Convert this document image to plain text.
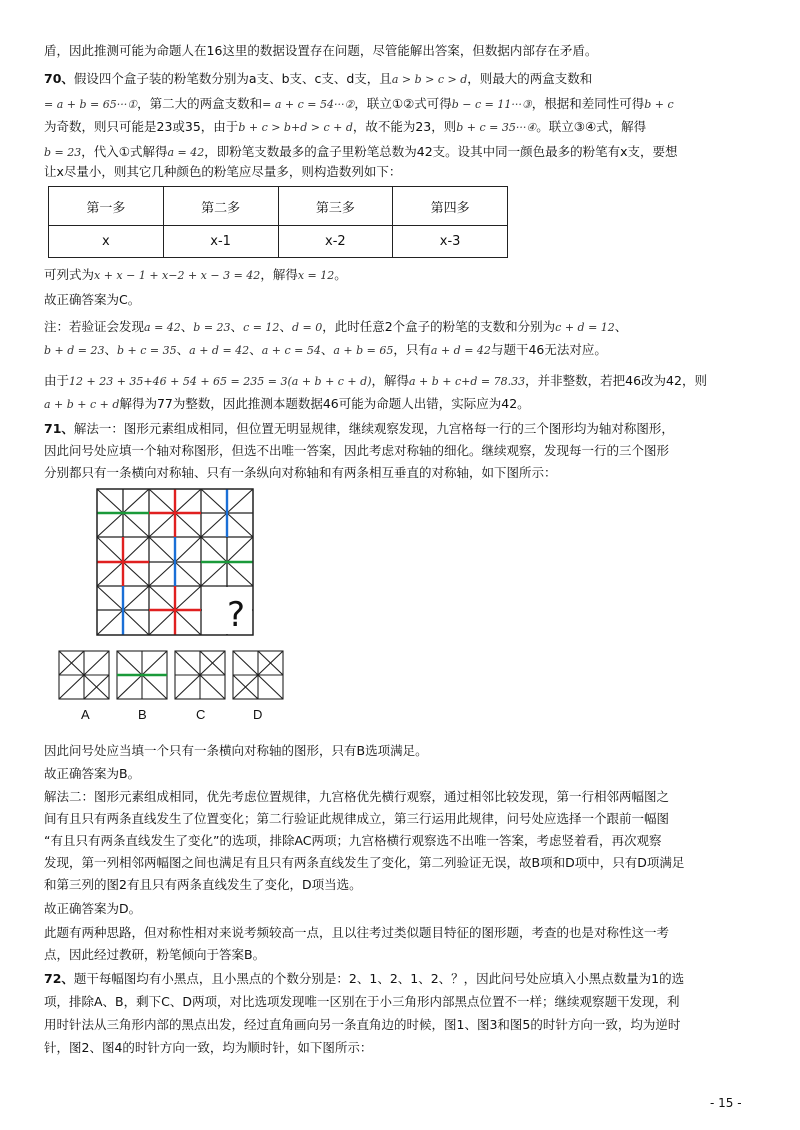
盾，因此推测可能为命题人在16这里的数据设置存在问题，尽管能解出答案，但数据内部存在矛盾。
70、假设四个盒子装的粉笔数分别为a支、b支、c支、d支，且a > b > c > d，则最大的两盒支数和
= a + b = 65···①，第二大的两盒支数和= a + c = 54···②，联立①②式可得b − c = 11···③，根据和差同性可得b + c
为奇数，则只可能是23或35，由于b + c > b+d > c + d，故不能为23，则b + c = 35···④。联立③④式，解得
b = 23，代入①式解得a = 42，即粉笔支数最多的盒子里粉笔总数为42支。设其中同一颜色最多的粉笔有x支，要想
让x尽量小，则其它几种颜色的粉笔应尽量多，则构造数列如下：
第一多	第二多	第三多	第四多
x	x-1	x-2	x-3
可列式为x + x − 1 + x−2 + x − 3 = 42，解得x = 12。
故正确答案为C。
注：若验证会发现a = 42、b = 23、c = 12、d = 0，此时任意2个盒子的粉笔的支数和分别为c + d = 12、
b + d = 23、b + c = 35、a + d = 42、a + c = 54、a + b = 65，只有a + d = 42与题干46无法对应。
由于12 + 23 + 35+46 + 54 + 65 = 235 = 3(a + b + c + d)，解得a + b + c+d = 78.33，并非整数，若把46改为42，则
a + b + c + d解得为77为整数，因此推测本题数据46可能为命题人出错，实际应为42。
71、解法一：图形元素组成相同，但位置无明显规律，继续观察发现，九宫格每一行的三个图形均为轴对称图形，
因此问号处应填一个轴对称图形，但选不出唯一答案，因此考虑对称轴的细化。继续观察，发现每一行的三个图形
分别都只有一条横向对称轴、只有一条纵向对称轴和有两条相互垂直的对称轴，如下图所示：
?
A	B	C	D
因此问号处应当填一个只有一条横向对称轴的图形，只有B选项满足。
故正确答案为B。
解法二：图形元素组成相同，优先考虑位置规律，九宫格优先横行观察，通过相邻比较发现，第一行相邻两幅图之
间有且只有两条直线发生了位置变化；第二行验证此规律成立，第三行运用此规律，问号处应选择一个跟前一幅图
“有且只有两条直线发生了变化”的选项，排除AC两项；九宫格横行观察选不出唯一答案，考虑竖着看，再次观察
发现，第一列相邻两幅图之间也满足有且只有两条直线发生了变化，第二列验证无误，故B项和D项中，只有D项满足
和第三列的图2有且只有两条直线发生了变化，D项当选。
故正确答案为D。
此题有两种思路，但对称性相对来说考频较高一点，且以往考过类似题目特征的图形题，考查的也是对称性这一考
点，因此经过教研，粉笔倾向于答案B。
72、题干每幅图均有小黑点，且小黑点的个数分别是：2、1、2、1、2、？，因此问号处应填入小黑点数量为1的选
项，排除A、B，剩下C、D两项，对比选项发现唯一区别在于小三角形内部黑点位置不一样；继续观察题干发现，利
用时针法从三角形内部的黑点出发，经过直角画向另一条直角边的时候，图1、图3和图5的时针方向一致，均为逆时
针，图2、图4的时针方向一致，均为顺时针，如下图所示：
- 15 -
